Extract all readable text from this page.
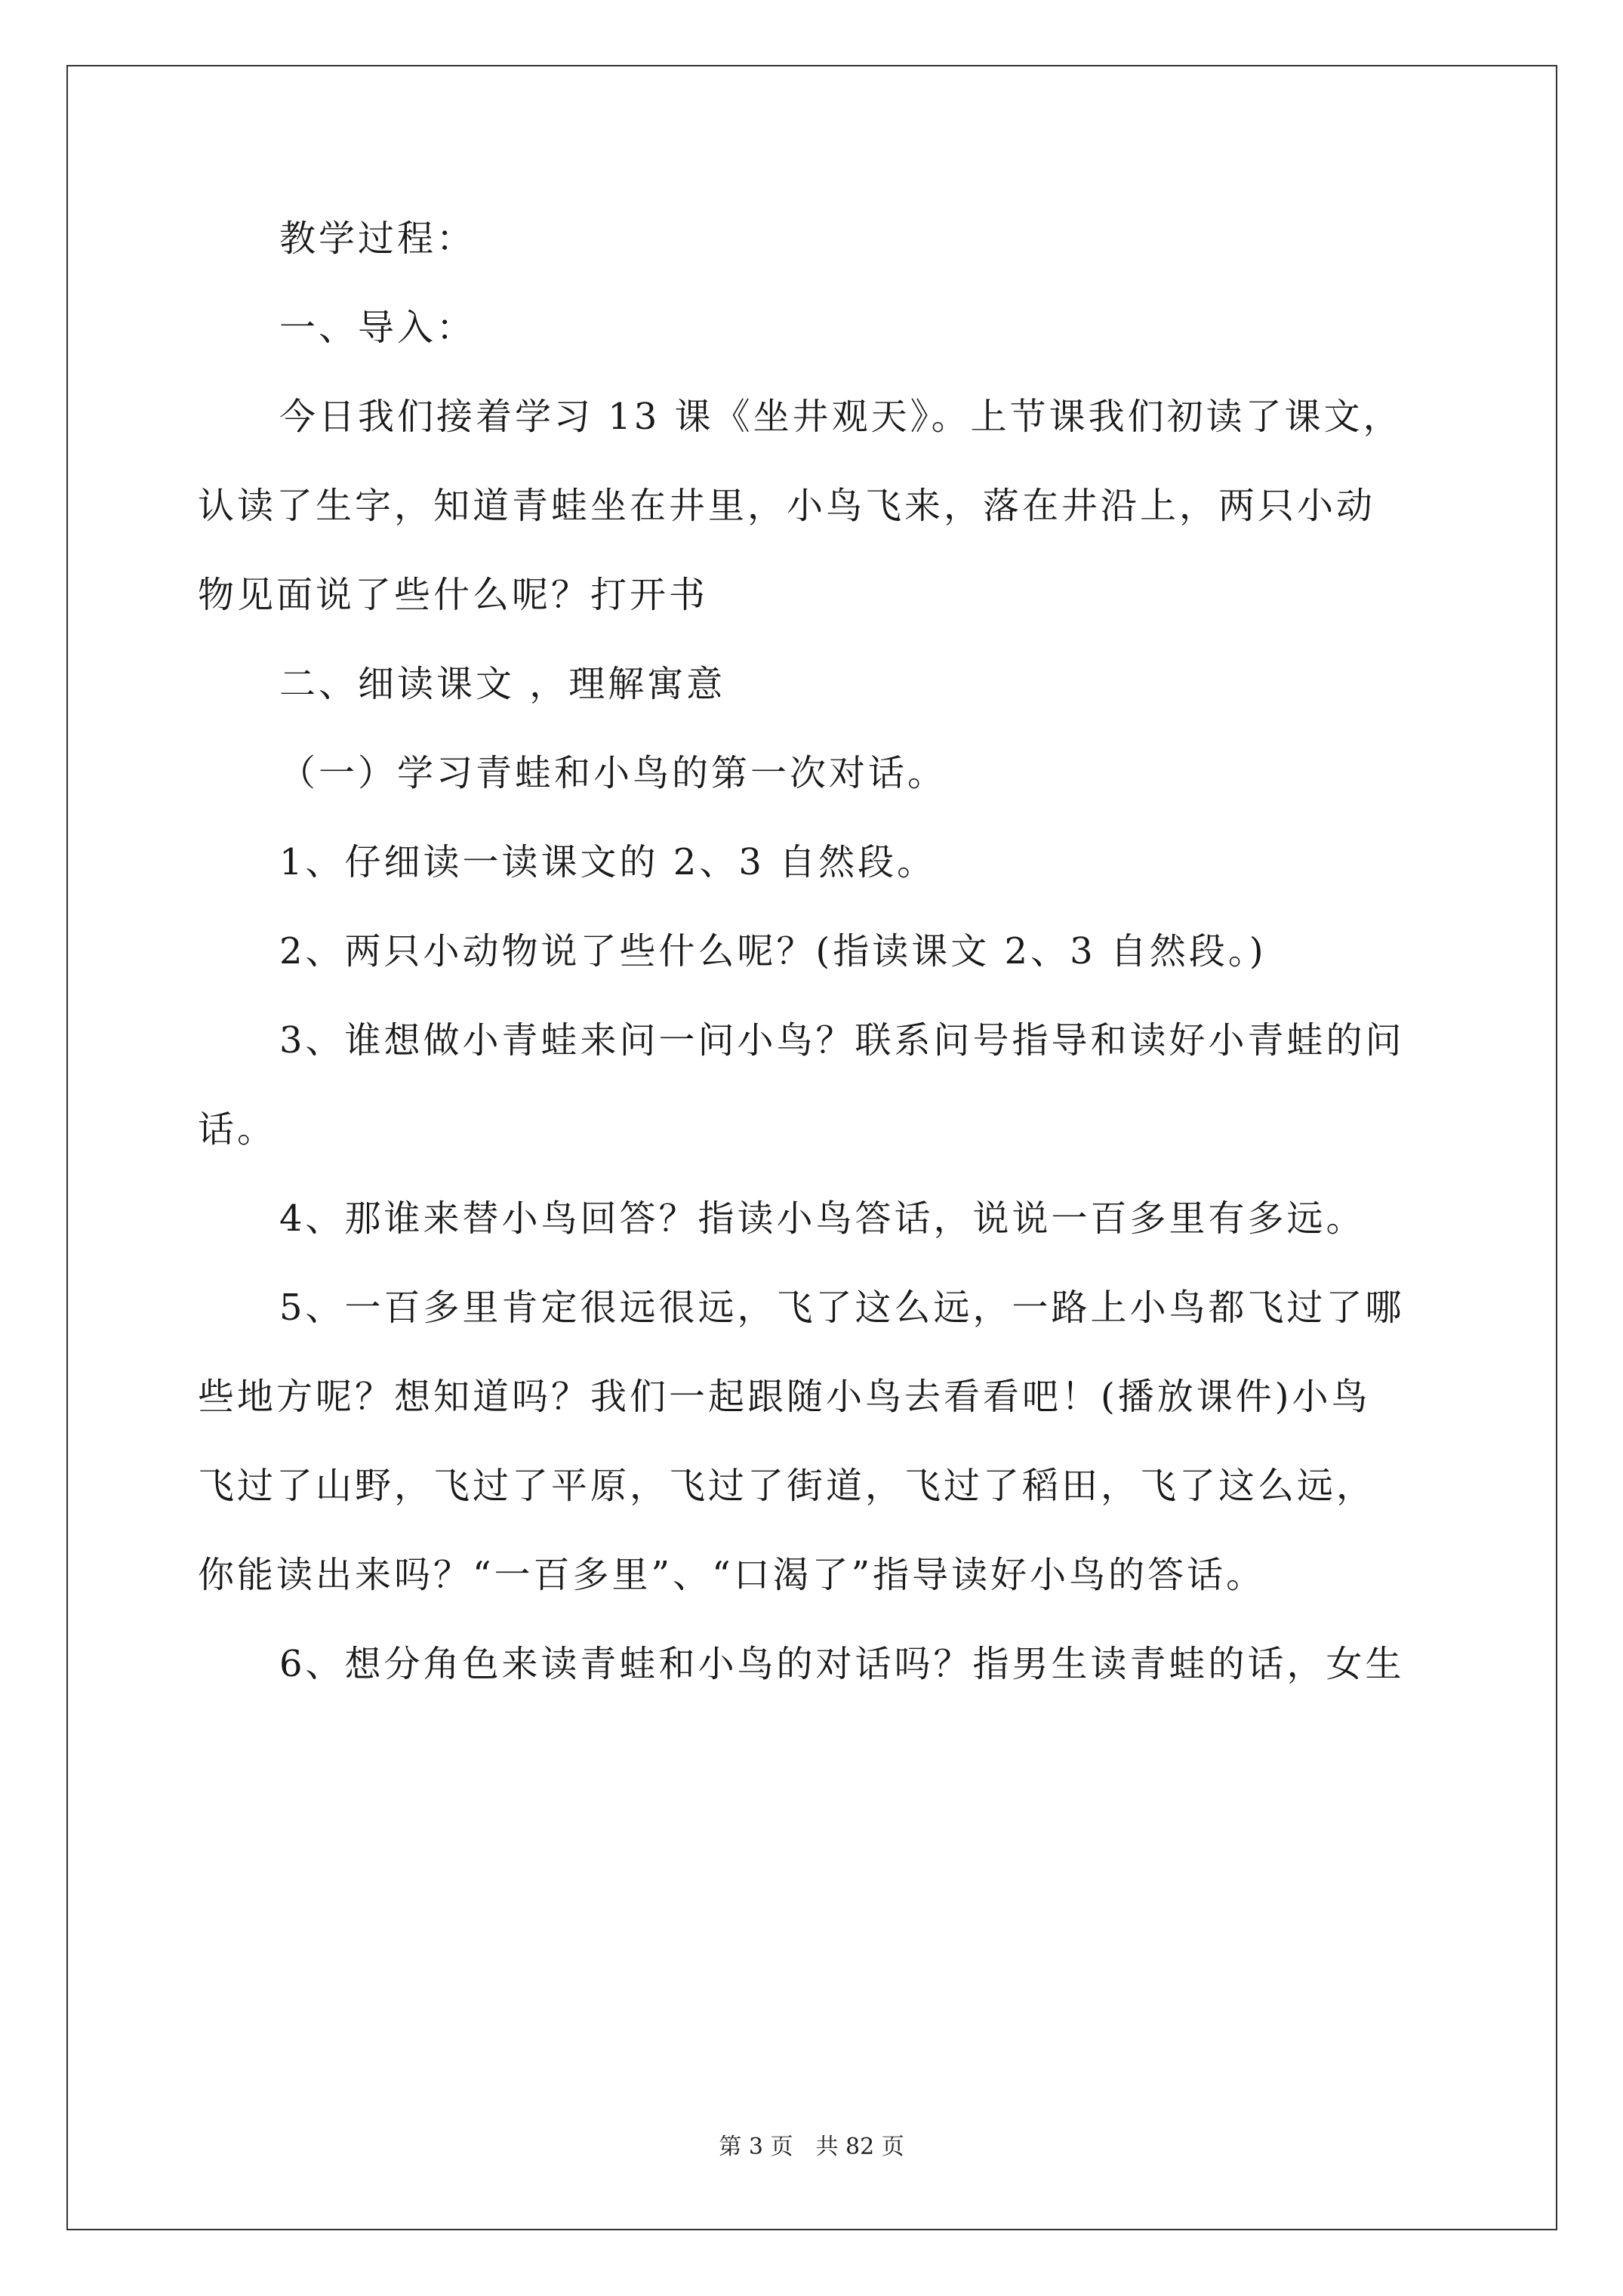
教学过程：
一、导入：
今日我们接着学习 13 课《坐井观天》。上节课我们初读了课文，
认读了生字，知道青蛙坐在井里，小鸟飞来，落在井沿上，两只小动
物见面说了些什么呢？打开书
二、细读课文 ，理解寓意
（一）学习青蛙和小鸟的第一次对话。
1、仔细读一读课文的 2、3 自然段。
2、两只小动物说了些什么呢？(指读课文 2、3 自然段。)
3、谁想做小青蛙来问一问小鸟？联系问号指导和读好小青蛙的问
话。
4、那谁来替小鸟回答？指读小鸟答话，说说一百多里有多远。
5、一百多里肯定很远很远，飞了这么远，一路上小鸟都飞过了哪
些地方呢？想知道吗？我们一起跟随小鸟去看看吧！(播放课件)小鸟
飞过了山野，飞过了平原，飞过了街道，飞过了稻田，飞了这么远，
你能读出来吗？“一百多里”、“口渴了”指导读好小鸟的答话。
6、想分角色来读青蛙和小鸟的对话吗？指男生读青蛙的话，女生
第 3 页　共 82 页
